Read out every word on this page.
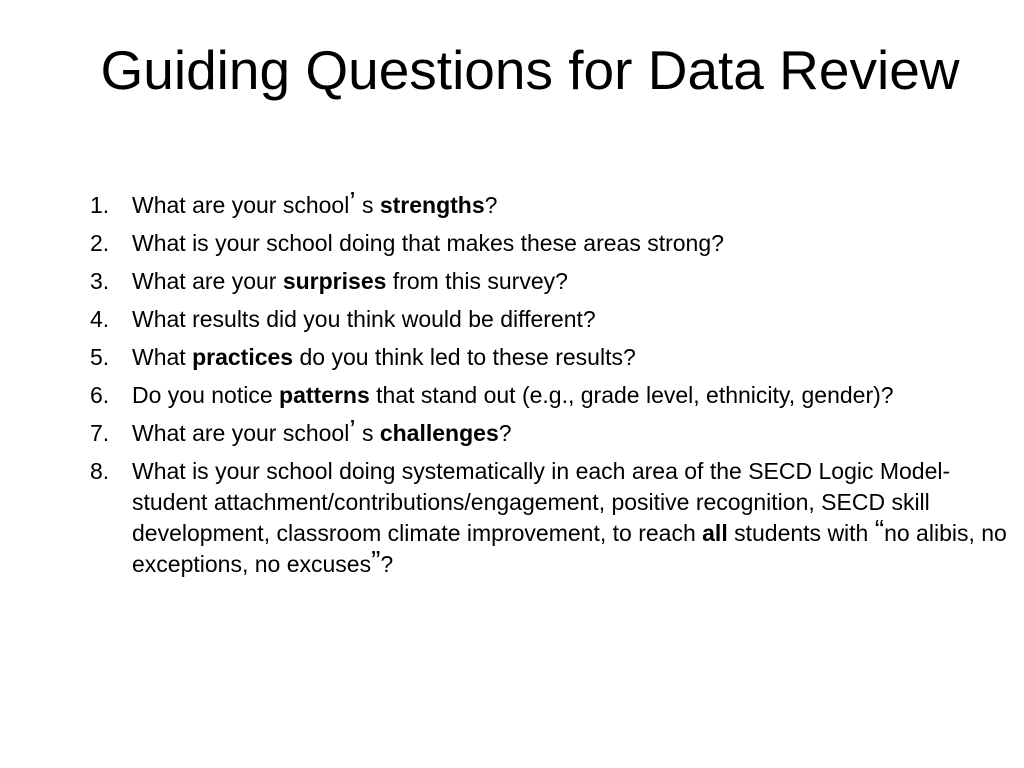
Guiding Questions for Data Review
1. What are your school’ s strengths?
2. What is your school doing that makes these areas strong?
3. What are your surprises from this survey?
4. What results did you think would be different?
5. What practices do you think led to these results?
6. Do you notice patterns that stand out (e.g., grade level, ethnicity, gender)?
7. What are your school’ s challenges?
8. What is your school doing systematically in each area of the SECD Logic Model- student attachment/contributions/engagement, positive recognition, SECD skill development, classroom climate improvement, to reach all students with “no alibis, no exceptions, no excuses”?
